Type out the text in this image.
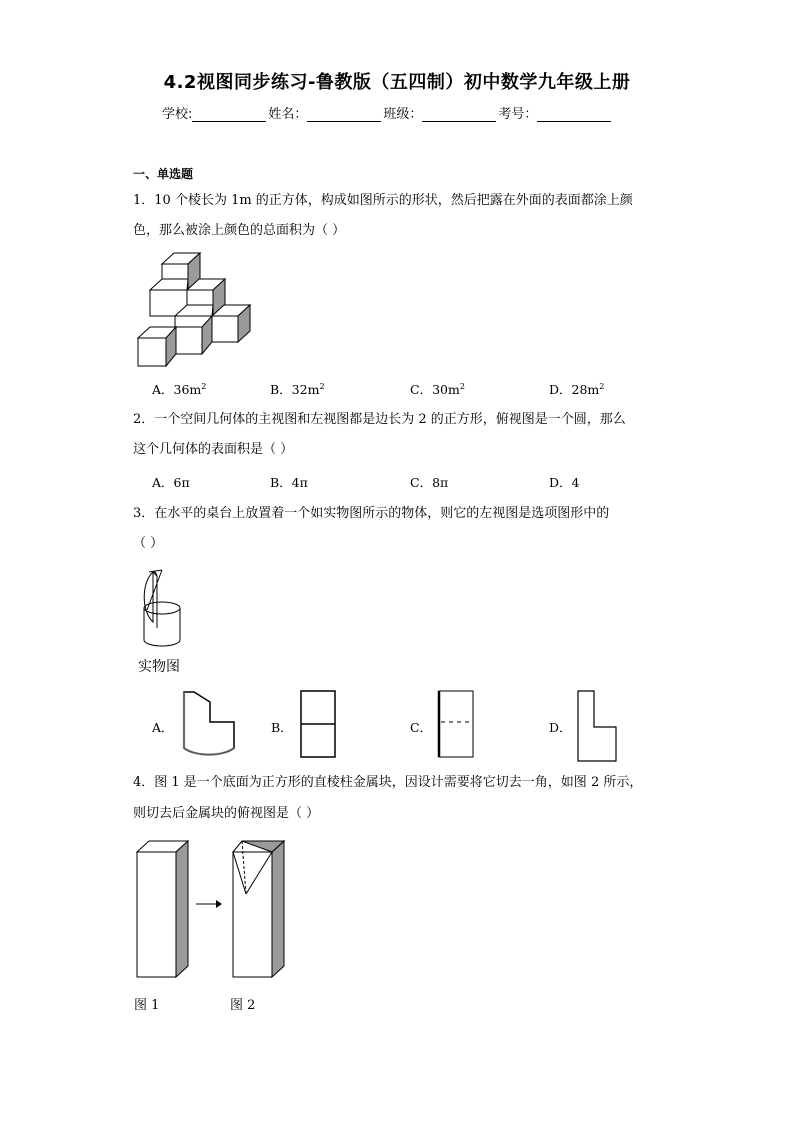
4.2视图同步练习-鲁教版（五四制）初中数学九年级上册
学校:	姓名：	班级：	考号：
一、单选题
1．10 个棱长为 1m 的正方体，构成如图所示的形状，然后把露在外面的表面都涂上颜
色，那么被涂上颜色的总面积为（ ）
A．$36m^2$	B．$32m^2$	C．$30m^2$	D．$28m^2$
2．一个空间几何体的主视图和左视图都是边长为 2 的正方形，俯视图是一个圆，那么
这个几何体的表面积是（ ）
A．6π	B．4π	C．8π	D．4
3．在水平的桌台上放置着一个如实物图所示的物体，则它的左视图是选项图形中的
（ ）
实物图
A．	B．	C．	D．
4．图 1 是一个底面为正方形的直棱柱金属块，因设计需要将它切去一角，如图 2 所示，
则切去后金属块的俯视图是（ ）
图 1	图 2
